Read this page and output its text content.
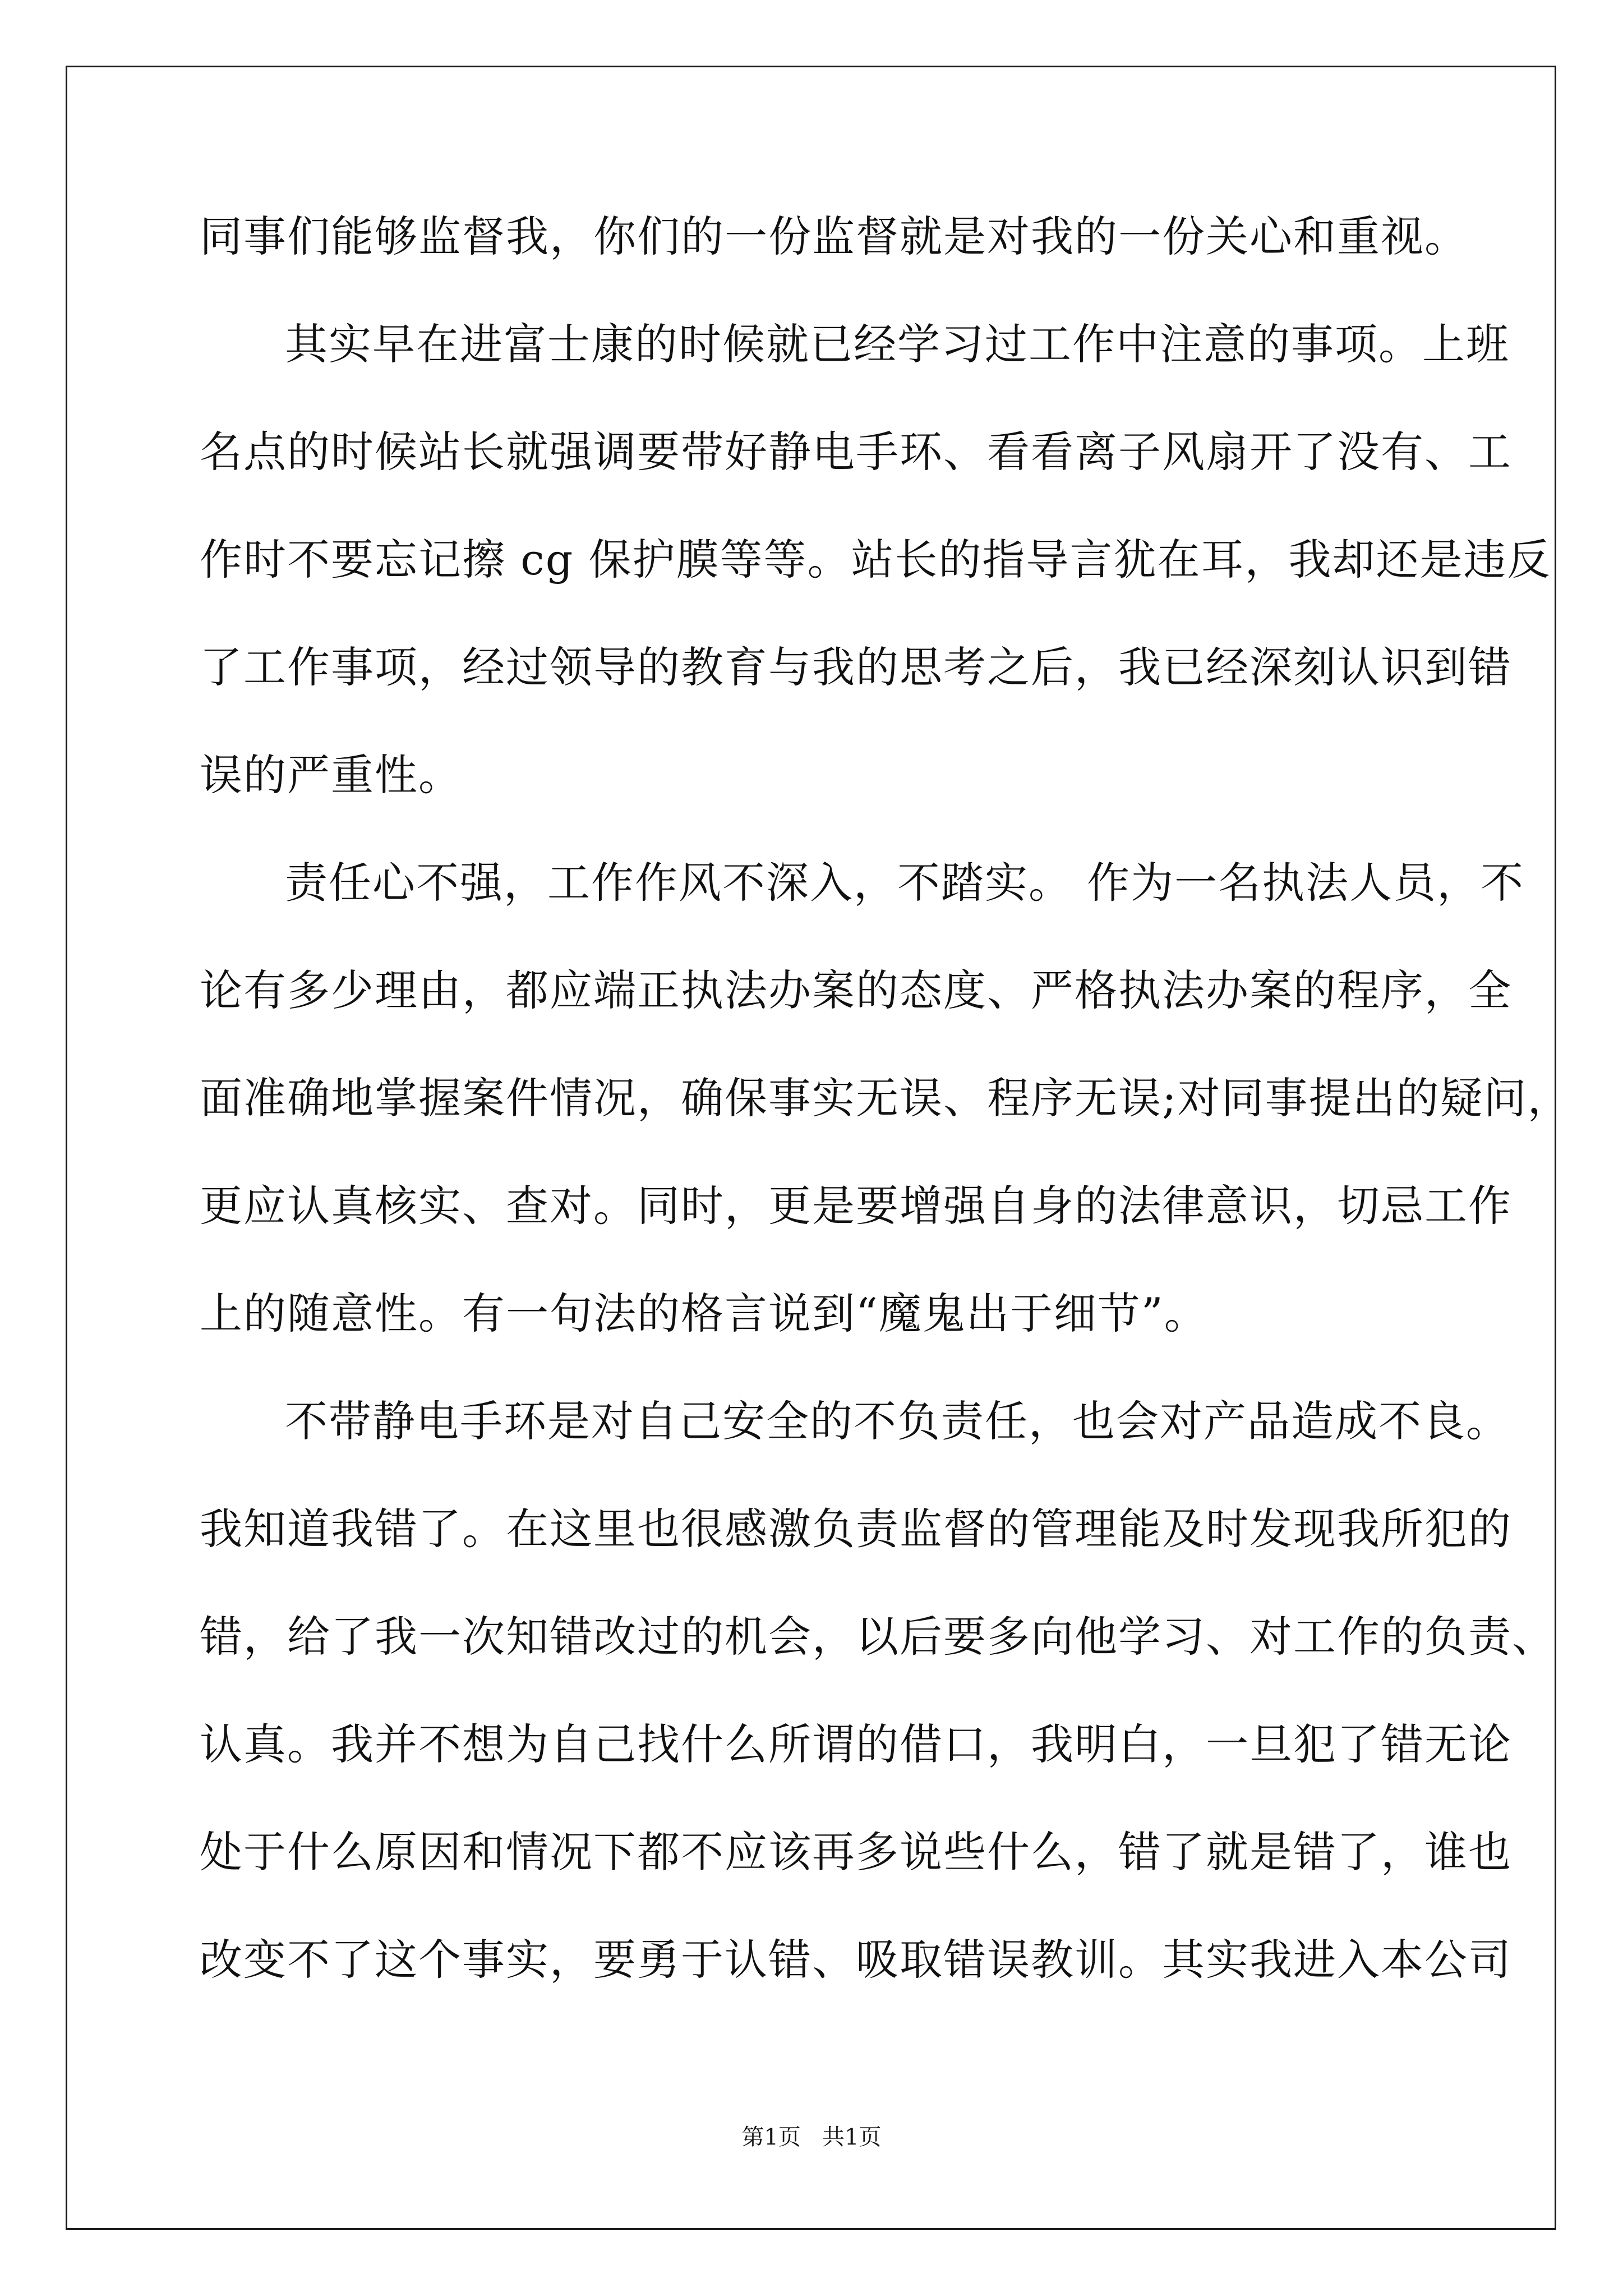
同事们能够监督我，你们的一份监督就是对我的一份关心和重视。
其实早在进富士康的时候就已经学习过工作中注意的事项。上班
名点的时候站长就强调要带好静电手环、看看离子风扇开了没有、工
作时不要忘记擦 cg 保护膜等等。站长的指导言犹在耳，我却还是违反
了工作事项，经过领导的教育与我的思考之后，我已经深刻认识到错
误的严重性。
责任心不强，工作作风不深入，不踏实。 作为一名执法人员，不
论有多少理由，都应端正执法办案的态度、严格执法办案的程序，全
面准确地掌握案件情况，确保事实无误、程序无误;对同事提出的疑问，
更应认真核实、查对。同时，更是要增强自身的法律意识，切忌工作
上的随意性。有一句法的格言说到“魔鬼出于细节”。
不带静电手环是对自己安全的不负责任，也会对产品造成不良。
我知道我错了。在这里也很感激负责监督的管理能及时发现我所犯的
错，给了我一次知错改过的机会，以后要多向他学习、对工作的负责、
认真。我并不想为自己找什么所谓的借口，我明白，一旦犯了错无论
处于什么原因和情况下都不应该再多说些什么，错了就是错了，谁也
改变不了这个事实，要勇于认错、吸取错误教训。其实我进入本公司
第1页   共1页
